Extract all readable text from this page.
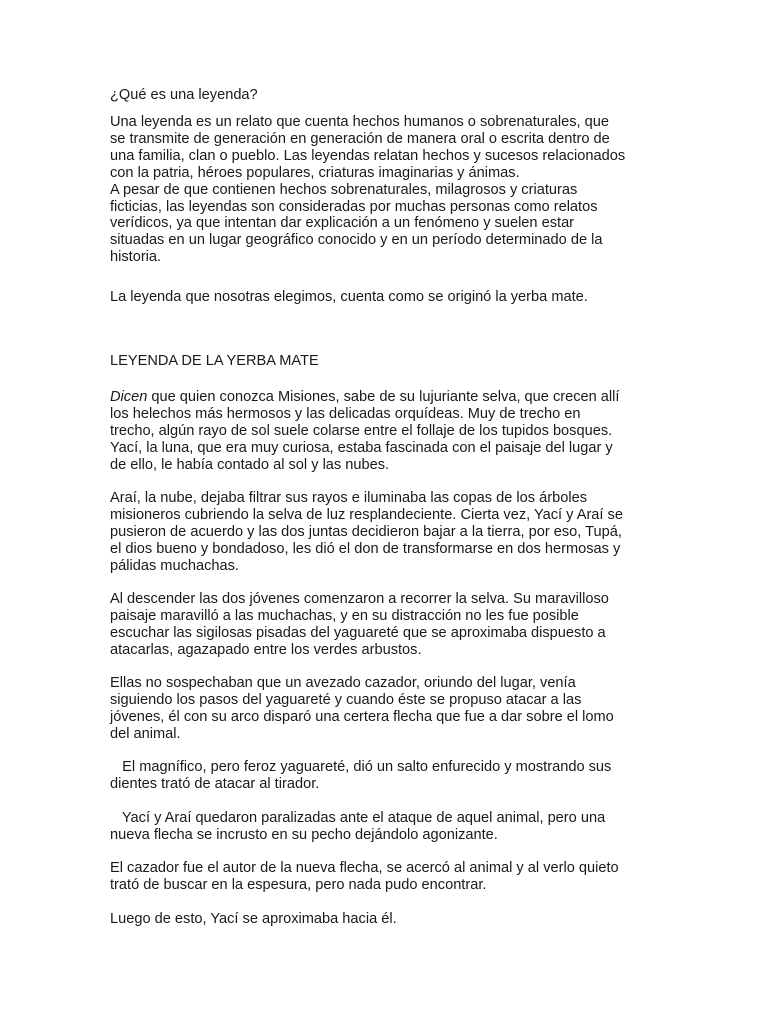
¿Qué es una leyenda?

Una leyenda es un relato que cuenta hechos humanos o sobrenaturales, que
se transmite de generación en generación de manera oral o escrita dentro de
una familia, clan o pueblo. Las leyendas relatan hechos y sucesos relacionados
con la patria, héroes populares, criaturas imaginarias y ánimas.
A pesar de que contienen hechos sobrenaturales, milagrosos y criaturas
ficticias, las leyendas son consideradas por muchas personas como relatos
verídicos, ya que intentan dar explicación a un fenómeno y suelen estar
situadas en un lugar geográfico conocido y en un período determinado de la
historia.

La leyenda que nosotras elegimos, cuenta como se originó la yerba mate.

LEYENDA DE LA YERBA MATE

Dicen que quien conozca Misiones, sabe de su lujuriante selva, que crecen allí
los helechos más hermosos y las delicadas orquídeas. Muy de trecho en
trecho, algún rayo de sol suele colarse entre el follaje de los tupidos bosques.
Yací, la luna, que era muy curiosa, estaba fascinada con el paisaje del lugar y
de ello, le había contado al sol y las nubes.

Araí, la nube, dejaba filtrar sus rayos e iluminaba las copas de los árboles
misioneros cubriendo la selva de luz resplandeciente. Cierta vez, Yací y Araí se
pusieron de acuerdo y las dos juntas decidieron bajar a la tierra, por eso, Tupá,
el dios bueno y bondadoso, les dió el don de transformarse en dos hermosas y
pálidas muchachas.

Al descender las dos jóvenes comenzaron a recorrer la selva. Su maravilloso
paisaje maravilló a las muchachas, y en su distracción no les fue posible
escuchar las sigilosas pisadas del yaguareté que se aproximaba dispuesto a
atacarlas, agazapado entre los verdes arbustos.

Ellas no sospechaban que un avezado cazador, oriundo del lugar, venía
siguiendo los pasos del yaguareté y cuando éste se propuso atacar a las
jóvenes, él con su arco disparó una certera flecha que fue a dar sobre el lomo
del animal.

El magnífico, pero feroz yaguareté, dió un salto enfurecido y mostrando sus
dientes trató de atacar al tirador.

Yací y Araí quedaron paralizadas ante el ataque de aquel animal, pero una
nueva flecha se incrusto en su pecho dejándolo agonizante.

El cazador fue el autor de la nueva flecha, se acercó al animal y al verlo quieto
trató de buscar en la espesura, pero nada pudo encontrar.

Luego de esto, Yací se aproximaba hacia él.
